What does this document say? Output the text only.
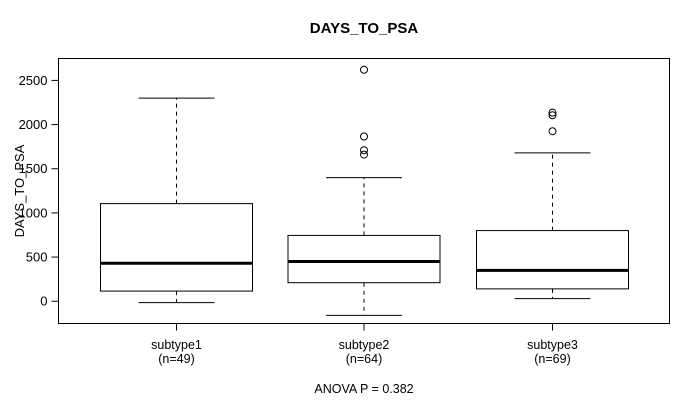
DAYS_TO_PSA
DAYS_TO_PSA
0
500
1000
1500
2000
2500
subtype1
(n=49)
subtype2
(n=64)
subtype3
(n=69)
ANOVA P = 0.382
